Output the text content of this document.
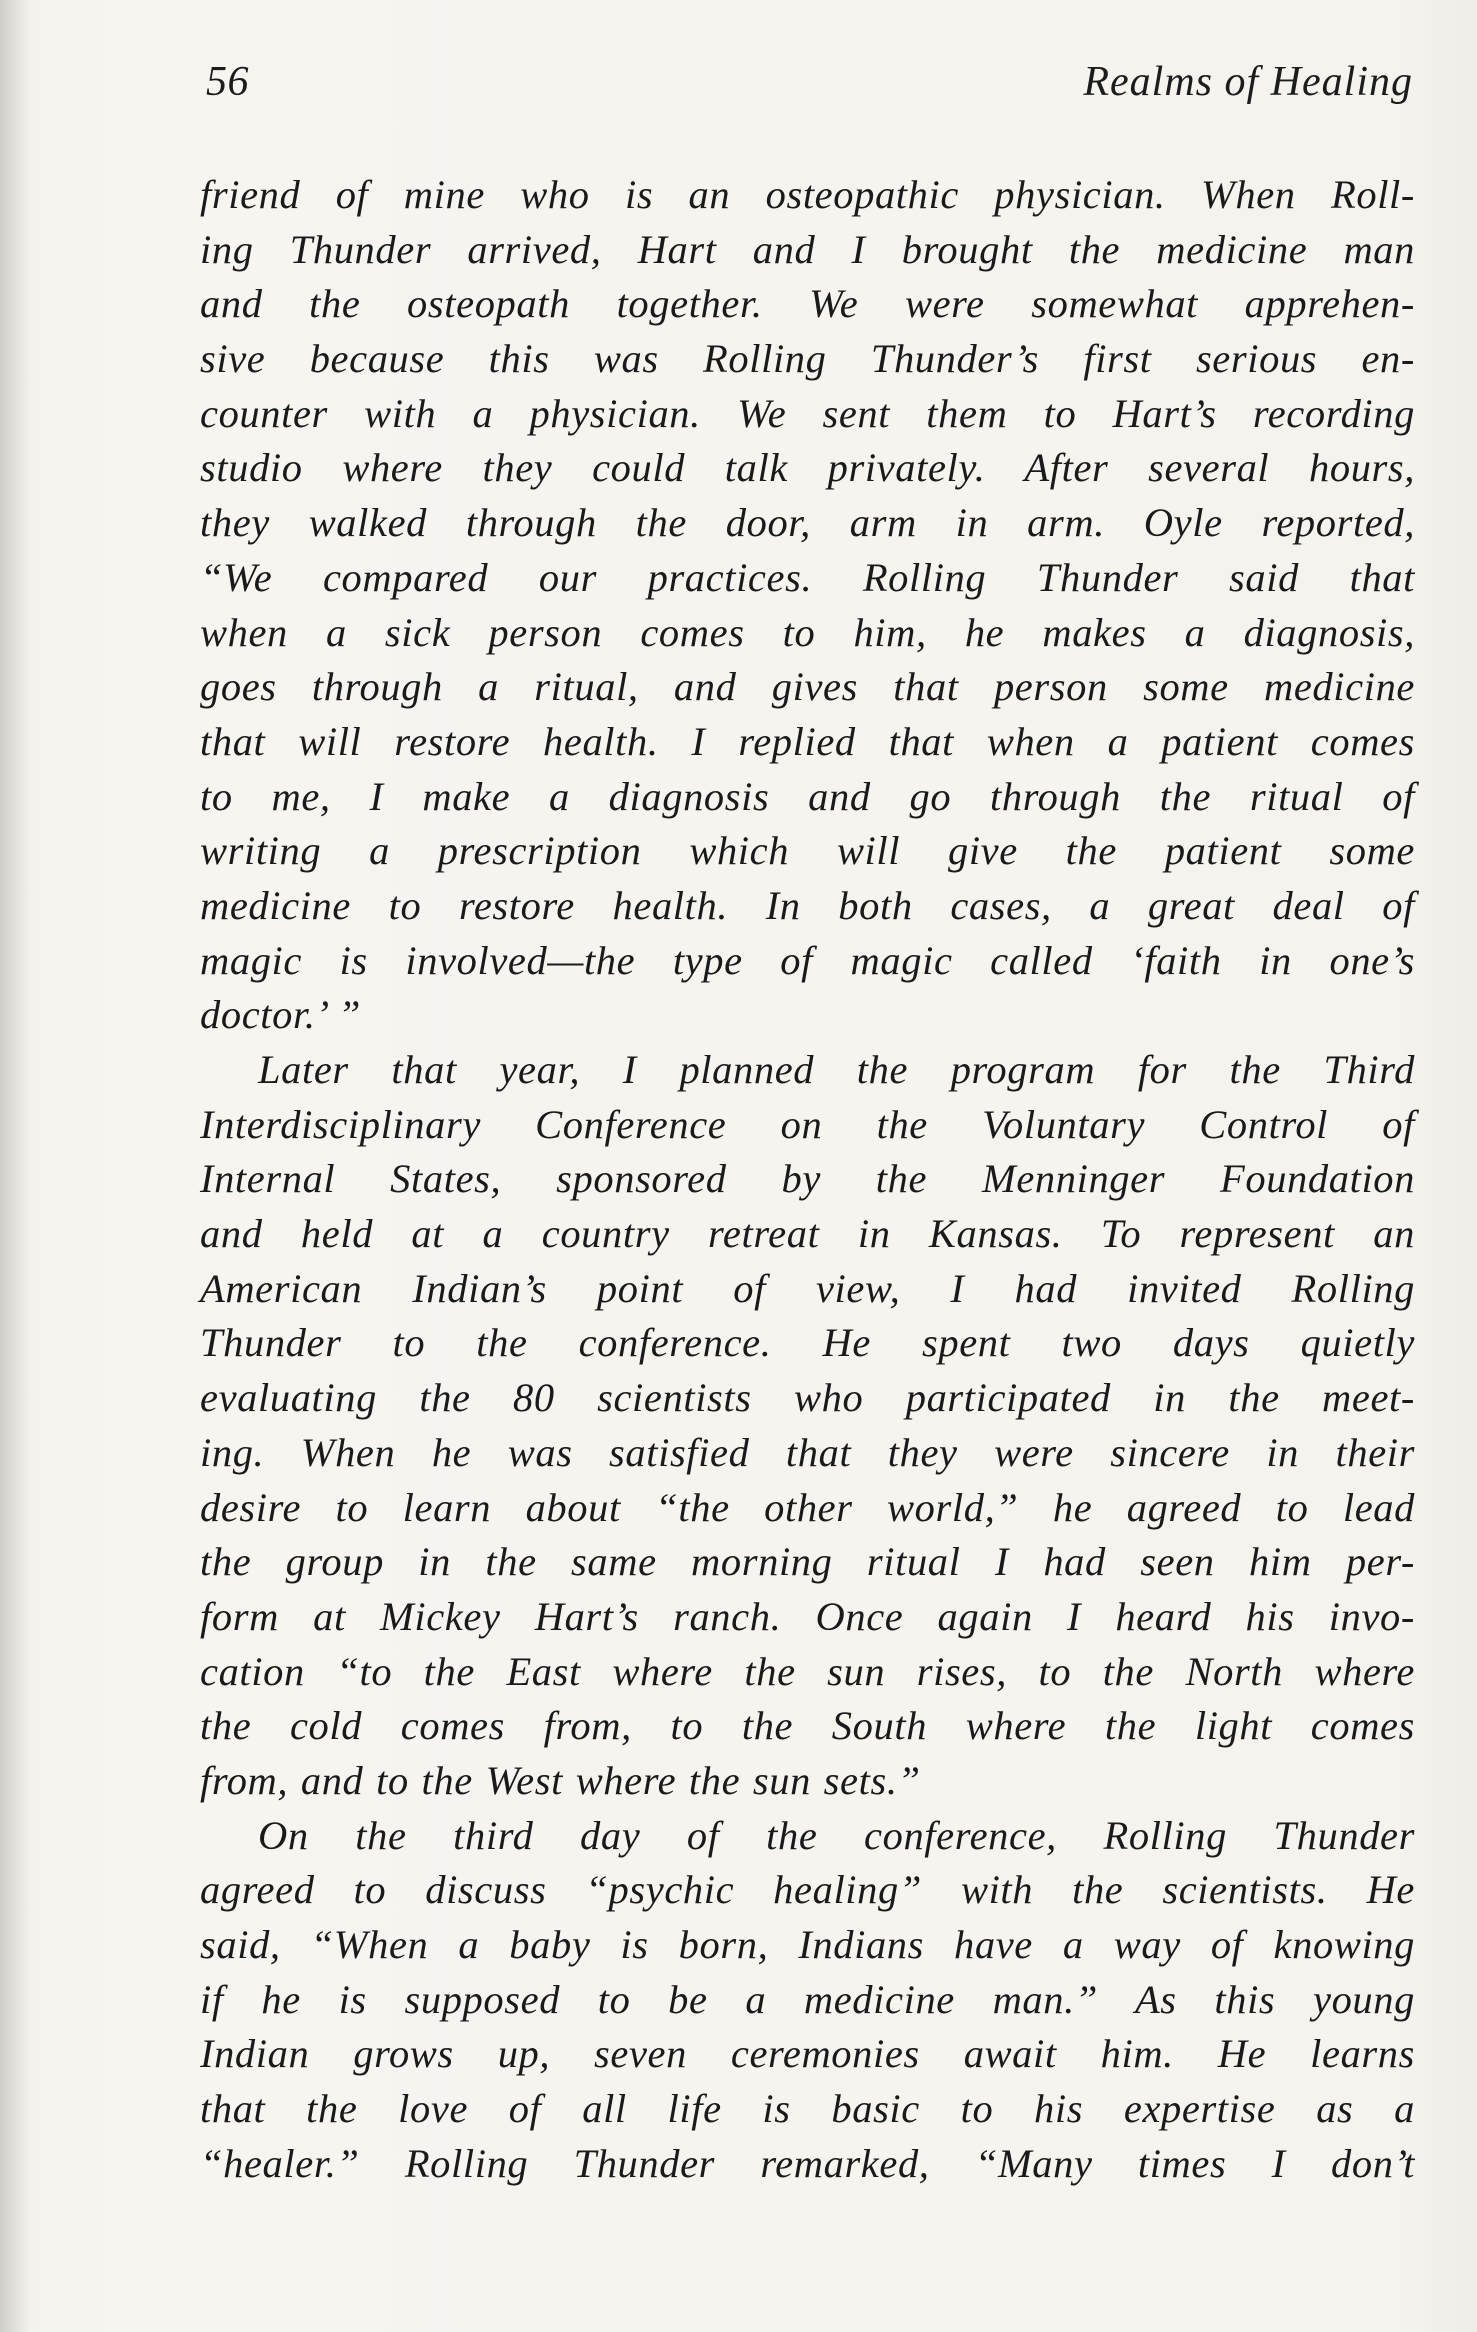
56	Realms of Healing
friend of mine who is an osteopathic physician. When Roll-
ing Thunder arrived, Hart and I brought the medicine man
and the osteopath together. We were somewhat apprehen-
sive because this was Rolling Thunder’s first serious en-
counter with a physician. We sent them to Hart’s recording
studio where they could talk privately. After several hours,
they walked through the door, arm in arm. Oyle reported,
“We compared our practices. Rolling Thunder said that
when a sick person comes to him, he makes a diagnosis,
goes through a ritual, and gives that person some medicine
that will restore health. I replied that when a patient comes
to me, I make a diagnosis and go through the ritual of
writing a prescription which will give the patient some
medicine to restore health. In both cases, a great deal of
magic is involved—the type of magic called ‘faith in one’s
doctor.’ ”
Later that year, I planned the program for the Third
Interdisciplinary Conference on the Voluntary Control of
Internal States, sponsored by the Menninger Foundation
and held at a country retreat in Kansas. To represent an
American Indian’s point of view, I had invited Rolling
Thunder to the conference. He spent two days quietly
evaluating the 80 scientists who participated in the meet-
ing. When he was satisfied that they were sincere in their
desire to learn about “the other world,” he agreed to lead
the group in the same morning ritual I had seen him per-
form at Mickey Hart’s ranch. Once again I heard his invo-
cation “to the East where the sun rises, to the North where
the cold comes from, to the South where the light comes
from, and to the West where the sun sets.”
On the third day of the conference, Rolling Thunder
agreed to discuss “psychic healing” with the scientists. He
said, “When a baby is born, Indians have a way of knowing
if he is supposed to be a medicine man.” As this young
Indian grows up, seven ceremonies await him. He learns
that the love of all life is basic to his expertise as a
“healer.” Rolling Thunder remarked, “Many times I don’t
